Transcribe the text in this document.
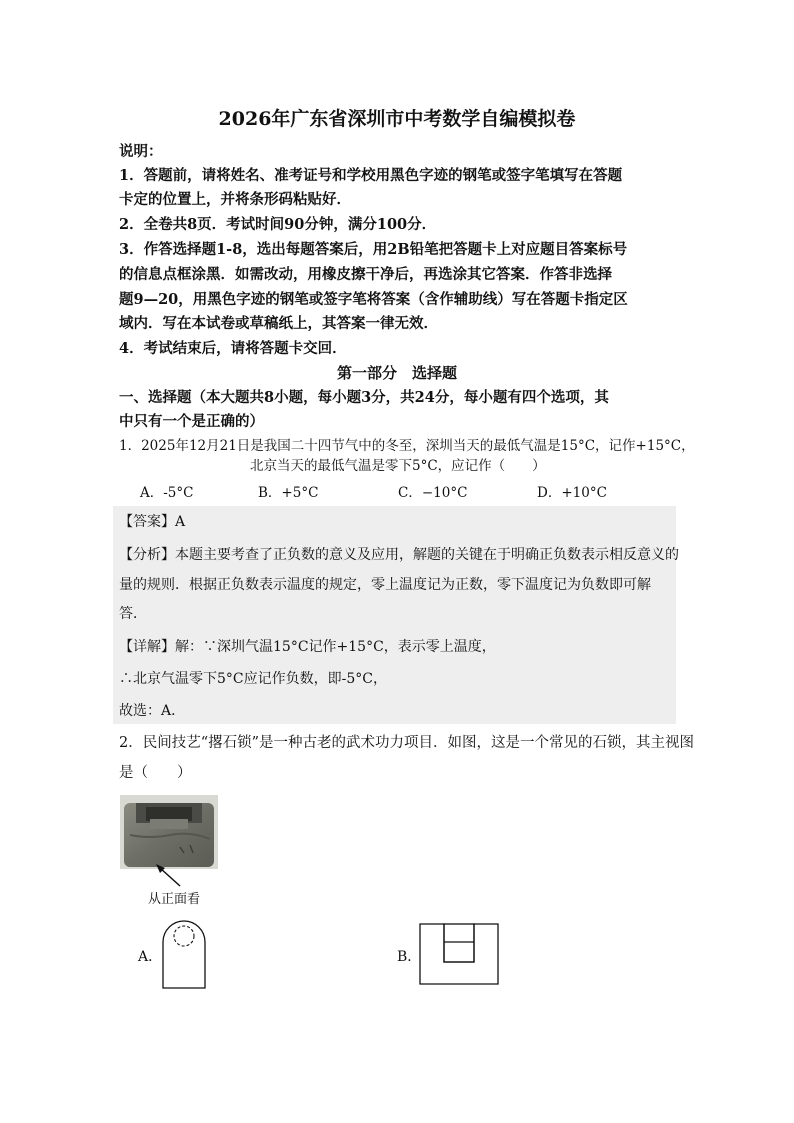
2026年广东省深圳市中考数学自编模拟卷
说明：
1．答题前，请将姓名、准考证号和学校用黑色字迹的钢笔或签字笔填写在答题
卡定的位置上，并将条形码粘贴好．
2．全卷共8页．考试时间90分钟，满分100分．
3．作答选择题1-8，选出每题答案后，用2B铅笔把答题卡上对应题目答案标号
的信息点框涂黑．如需改动，用橡皮擦干净后，再选涂其它答案．作答非选择
题9—20，用黑色字迹的钢笔或签字笔将答案（含作辅助线）写在答题卡指定区
域内．写在本试卷或草稿纸上，其答案一律无效．
4．考试结束后，请将答题卡交回．
第一部分　选择题
一、选择题（本大题共8小题，每小题3分，共24分，每小题有四个选项，其
中只有一个是正确的）
1．2025年12月21日是我国二十四节气中的冬至，深圳当天的最低气温是15°C，记作+15°C，
北京当天的最低气温是零下5°C，应记作（　　）
A．-5°C	B．+5°C	C．−10°C	D．+10°C
【答案】A
【分析】本题主要考查了正负数的意义及应用，解题的关键在于明确正负数表示相反意义的
量的规则．根据正负数表示温度的规定，零上温度记为正数，零下温度记为负数即可解
答．
【详解】解：∵深圳气温15°C记作+15°C，表示零上温度，
∴北京气温零下5°C应记作负数，即-5°C，
故选：A．
2．民间技艺“撂石锁”是一种古老的武术功力项目．如图，这是一个常见的石锁，其主视图
是（　　）
从正面看
A．	B．
